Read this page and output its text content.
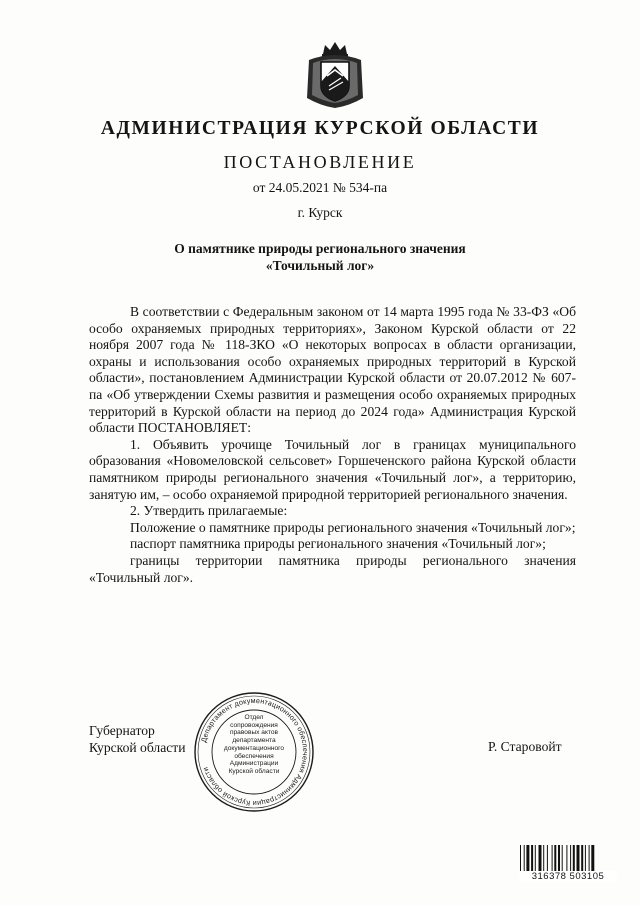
АДМИНИСТРАЦИЯ КУРСКОЙ ОБЛАСТИ
ПОСТАНОВЛЕНИЕ
от 24.05.2021 № 534-па
г. Курск
О памятнике природы регионального значения
«Точильный лог»

В соответствии с Федеральным законом от 14 марта 1995 года № 33-ФЗ «Об особо охраняемых природных территориях», Законом Курской области от 22 ноября 2007 года № 118-ЗКО «О некоторых вопросах в области организации, охраны и использования особо охраняемых природных территорий в Курской области», постановлением Администрации Курской области от 20.07.2012 № 607-па «Об утверждении Схемы развития и размещения особо охраняемых природных территорий в Курской области на период до 2024 года» Администрация Курской области ПОСТАНОВЛЯЕТ:

1. Объявить урочище Точильный лог в границах муниципального образования «Новомеловской сельсовет» Горшеченского района Курской области памятником природы регионального значения «Точильный лог», а территорию, занятую им, – особо охраняемой природной территорией регионального значения.

2. Утвердить прилагаемые:

Положение о памятнике природы регионального значения «Точильный лог»;

паспорт памятника природы регионального значения «Точильный лог»;

границы территории памятника природы регионального значения «Точильный лог».

Губернатор
Курской области	Р. Старовойт
Департамент документационного обеспечения Администрации Курской области
Отдел
сопровождения
правовых актов
департамента
документационного
обеспечения
Администрации
Курской области
316378 503105
